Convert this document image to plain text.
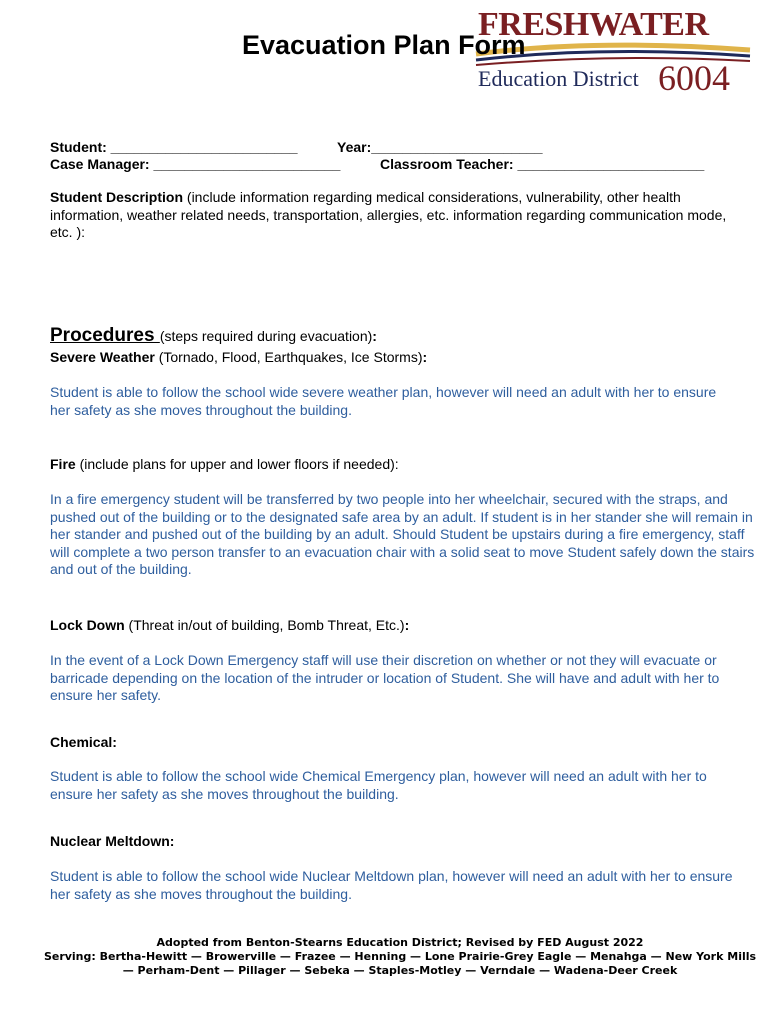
FRESHWATER
Education District 6004
Evacuation Plan Form
Student: ________________________	Year:______________________
Case Manager: ________________________	Classroom Teacher: ________________________
Student Description (include information regarding medical considerations, vulnerability, other health information, weather related needs, transportation, allergies, etc. information regarding communication mode, etc. ):
Procedures (steps required during evacuation):
Severe Weather (Tornado, Flood, Earthquakes, Ice Storms):
Student is able to follow the school wide severe weather plan, however will need an adult with her to ensure her safety as she moves throughout the building.
Fire (include plans for upper and lower floors if needed):
In a fire emergency student will be transferred by two people into her wheelchair, secured with the straps, and pushed out of the building or to the designated safe area by an adult. If student is in her stander she will remain in her stander and pushed out of the building by an adult. Should Student be upstairs during a fire emergency, staff will complete a two person transfer to an evacuation chair with a solid seat to move Student safely down the stairs and out of the building.
Lock Down (Threat in/out of building, Bomb Threat, Etc.):
In the event of a Lock Down Emergency staff will use their discretion on whether or not they will evacuate or barricade depending on the location of the intruder or location of Student. She will have and adult with her to ensure her safety.
Chemical:
Student is able to follow the school wide Chemical Emergency plan, however will need an adult with her to ensure her safety as she moves throughout the building.
Nuclear Meltdown:
Student is able to follow the school wide Nuclear Meltdown plan, however will need an adult with her to ensure her safety as she moves throughout the building.
Adopted from Benton-Stearns Education District; Revised by FED August 2022
Serving: Bertha-Hewitt — Browerville — Frazee — Henning — Lone Prairie-Grey Eagle — Menahga — New York Mills — Perham-Dent — Pillager — Sebeka — Staples-Motley — Verndale — Wadena-Deer Creek
